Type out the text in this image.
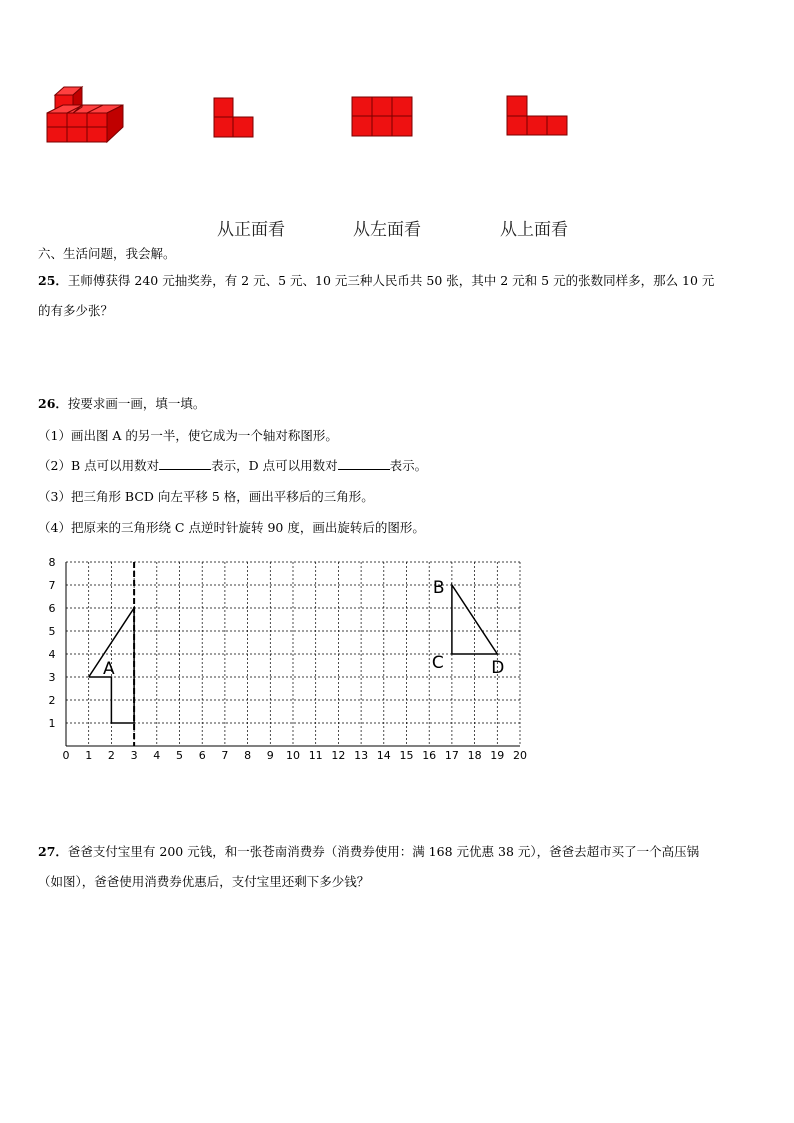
从正面看	从左面看	从上面看
六、生活问题，我会解。
25．王师傅获得 240 元抽奖券，有 2 元、5 元、10 元三种人民币共 50 张，其中 2 元和 5 元的张数同样多，那么 10 元
的有多少张？
26．按要求画一画，填一填。
（1）画出图 A 的另一半，使它成为一个轴对称图形。
（2）B 点可以用数对	表示，D 点可以用数对	表示。
（3）把三角形 BCD 向左平移 5 格，画出平移后的三角形。
（4）把原来的三角形绕 C 点逆时针旋转 90 度，画出旋转后的图形。
0 1 2 3 4 5 6 7 8 9 10 11 12 13 14 15 16 17 18 19 20
1
2
3
4
5
6
7
8
A
B
C	D
27．爸爸支付宝里有 200 元钱，和一张苍南消费券（消费券使用：满 168 元优惠 38 元），爸爸去超市买了一个高压锅
（如图），爸爸使用消费券优惠后，支付宝里还剩下多少钱？
